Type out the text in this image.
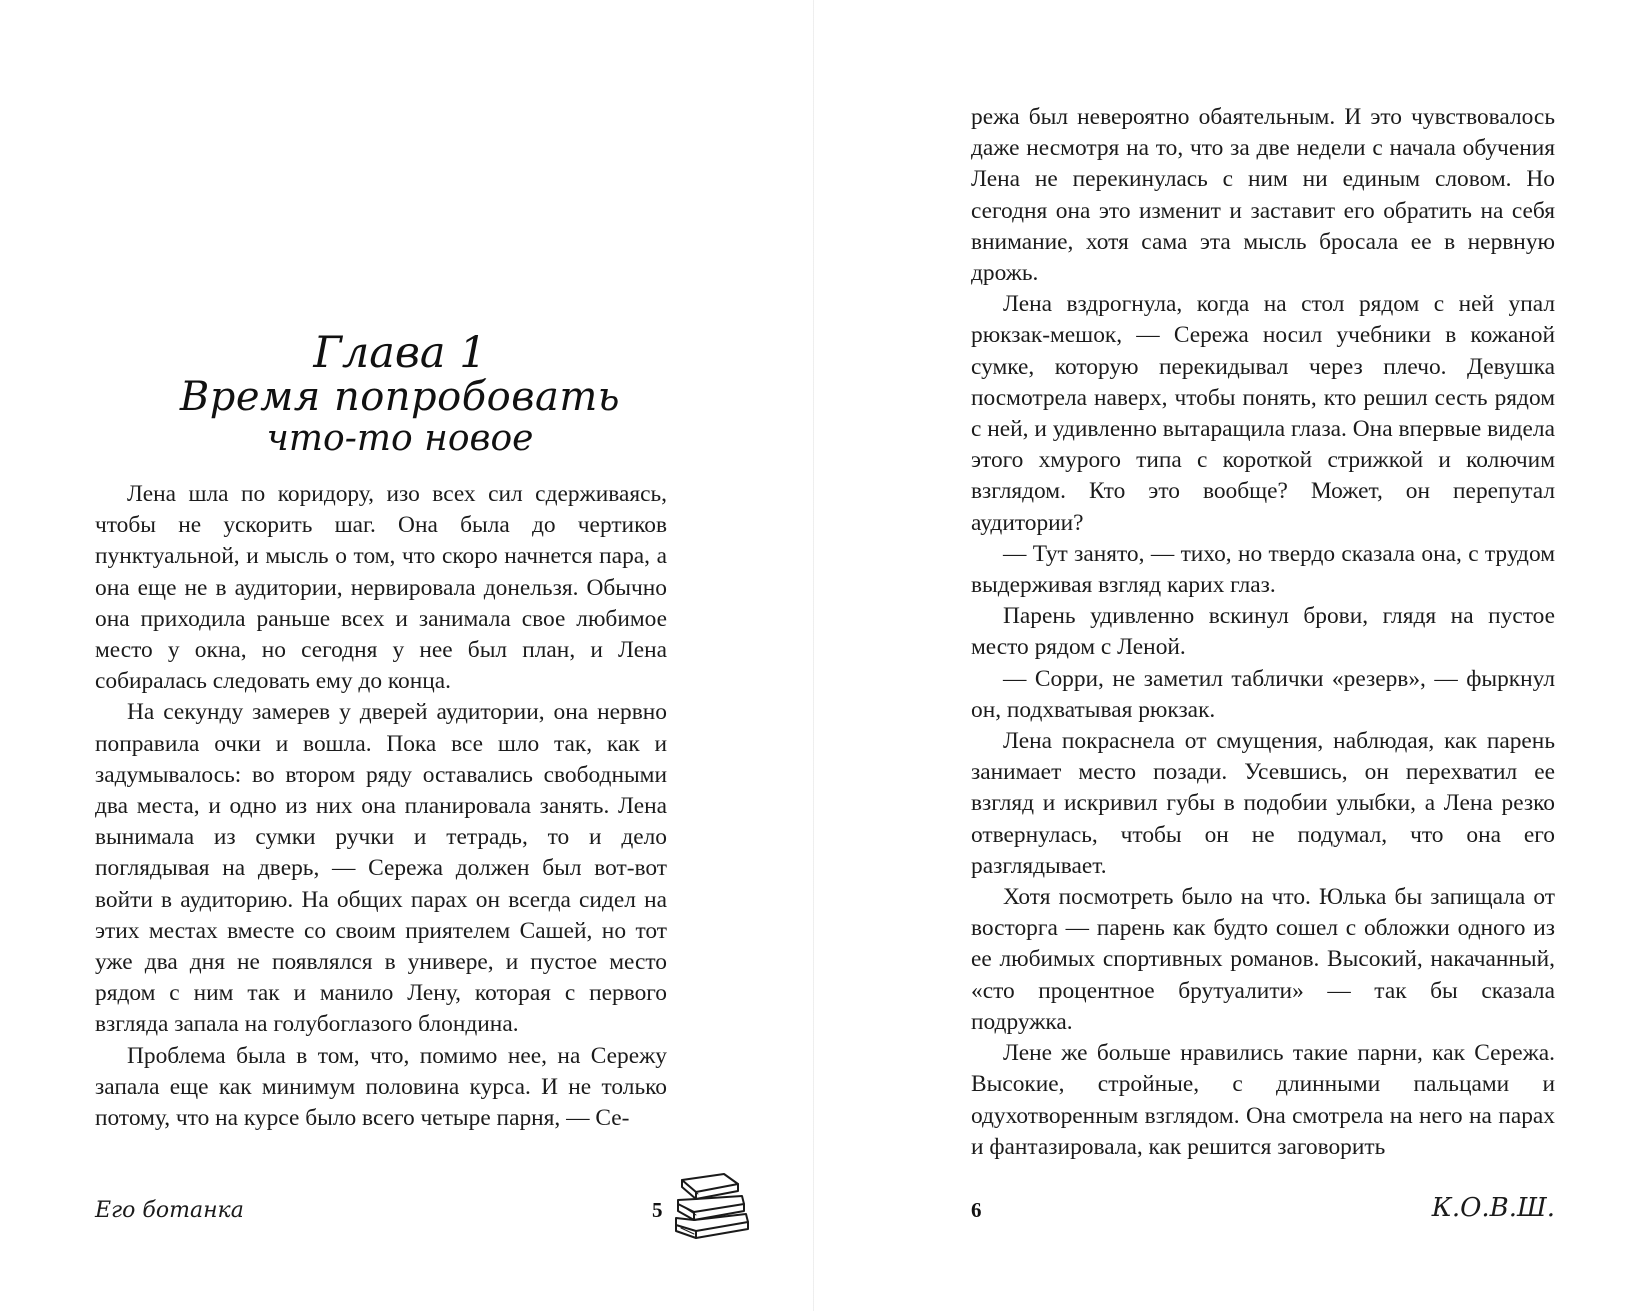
Глава 1
Время попробовать
что-то новое

Лена шла по коридору, изо всех сил сдерживаясь, чтобы не ускорить шаг. Она была до чертиков пунктуальной, и мысль о том, что скоро начнется пара, а она еще не в аудитории, нервировала донельзя. Обычно она приходила раньше всех и занимала свое любимое место у окна, но сегодня у нее был план, и Лена собиралась следовать ему до конца.

На секунду замерев у дверей аудитории, она нервно поправила очки и вошла. Пока все шло так, как и задумывалось: во втором ряду оставались свободными два места, и одно из них она планировала занять. Лена вынимала из сумки ручки и тетрадь, то и дело поглядывая на дверь, — Сережа должен был вот-вот войти в аудиторию. На общих парах он всегда сидел на этих местах вместе со своим приятелем Сашей, но тот уже два дня не появлялся в универе, и пустое место рядом с ним так и манило Лену, которая с первого взгляда запала на голубоглазого блондина.

Проблема была в том, что, помимо нее, на Сережу запала еще как минимум половина курса. И не только потому, что на курсе было всего четыре парня, — Се-

Его ботанка	5

режа был невероятно обаятельным. И это чувствовалось даже несмотря на то, что за две недели с начала обучения Лена не перекинулась с ним ни единым словом. Но сегодня она это изменит и заставит его обратить на себя внимание, хотя сама эта мысль бросала ее в нервную дрожь.

Лена вздрогнула, когда на стол рядом с ней упал рюкзак-мешок, — Сережа носил учебники в кожаной сумке, которую перекидывал через плечо. Девушка посмотрела наверх, чтобы понять, кто решил сесть рядом с ней, и удивленно вытаращила глаза. Она впервые видела этого хмурого типа с короткой стрижкой и колючим взглядом. Кто это вообще? Может, он перепутал аудитории?

— Тут занято, — тихо, но твердо сказала она, с трудом выдерживая взгляд карих глаз.

Парень удивленно вскинул брови, глядя на пустое место рядом с Леной.

— Сорри, не заметил таблички «резерв», — фыркнул он, подхватывая рюкзак.

Лена покраснела от смущения, наблюдая, как парень занимает место позади. Усевшись, он перехватил ее взгляд и искривил губы в подобии улыбки, а Лена резко отвернулась, чтобы он не подумал, что она его разглядывает.

Хотя посмотреть было на что. Юлька бы запищала от восторга — парень как будто сошел с обложки одного из ее любимых спортивных романов. Высокий, накачанный, «сто процентное брутуалити» — так бы сказала подружка.

Лене же больше нравились такие парни, как Сережа. Высокие, стройные, с длинными пальцами и одухотворенным взглядом. Она смотрела на него на парах и фантазировала, как решится заговорить

6	К.О.В.Ш.
